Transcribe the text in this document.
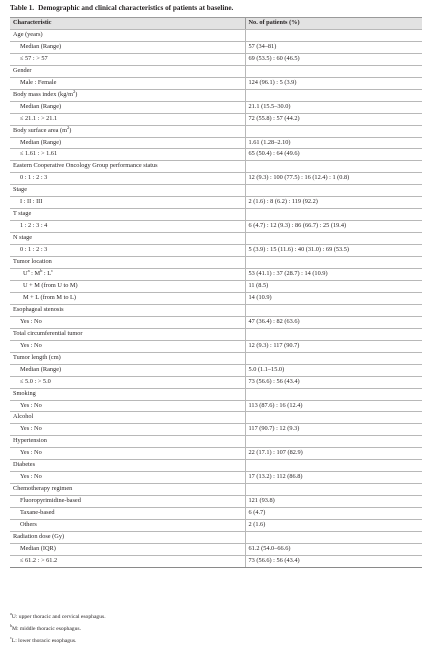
Table 1. Demographic and clinical characteristics of patients at baseline.
Characteristic	No. of patients (%)
Age (years)	
Median (Range)	57 (34–81)
≤ 57 : > 57	69 (53.5) : 60 (46.5)
Gender	
Male : Female	124 (96.1) : 5 (3.9)
Body mass index $(kg/m^2)$	
Median (Range)	21.1 (15.5–30.0)
≤ 21.1 : > 21.1	72 (55.8) : 57 (44.2)
Body surface area $(m^2)$	
Median (Range)	1.61 (1.28–2.10)
≤ 1.61 : > 1.61	65 (50.4) : 64 (49.6)
Eastern Cooperative Oncology Group performance status	
0 : 1 : 2 : 3	12 (9.3) : 100 (77.5) : 16 (12.4) : 1 (0.8)
Stage	
I : II : III	2 (1.6) : 8 (6.2) : 119 (92.2)
T stage	
1 : 2 : 3 : 4	6 (4.7) : 12 (9.3) : 86 (66.7) : 25 (19.4)
N stage	
0 : 1 : 2 : 3	5 (3.9) : 15 (11.6) : 40 (31.0) : 69 (53.5)
Tumor location	
$U^a$ : $M^b$ : $L^c$	53 (41.1) : 37 (28.7) : 14 (10.9)
U + M (from U to M)	11 (8.5)
M + L (from M to L)	14 (10.9)
Esophageal stenosis	
Yes : No	47 (36.4) : 82 (63.6)
Total circumferential tumor	
Yes : No	12 (9.3) : 117 (90.7)
Tumor length (cm)	
Median (Range)	5.0 (1.1–15.0)
≤ 5.0 : > 5.0	73 (56.6) : 56 (43.4)
Smoking	
Yes : No	113 (87.6) : 16 (12.4)
Alcohol	
Yes : No	117 (90.7) : 12 (9.3)
Hypertension	
Yes : No	22 (17.1) : 107 (82.9)
Diabetes	
Yes : No	17 (13.2) : 112 (86.8)
Chemotherapy regimen	
Fluoropyrimidine-based	121 (93.8)
Taxane-based	6 (4.7)
Others	2 (1.6)
Radiation dose (Gy)	
Median (IQR)	61.2 (54.0–66.6)
≤ 61.2 : > 61.2	73 (56.6) : 56 (43.4)
$^a$U: upper thoracic and cervical esophagus.
$^b$M: middle thoracic esophagus.
$^c$L: lower thoracic esophagus.
